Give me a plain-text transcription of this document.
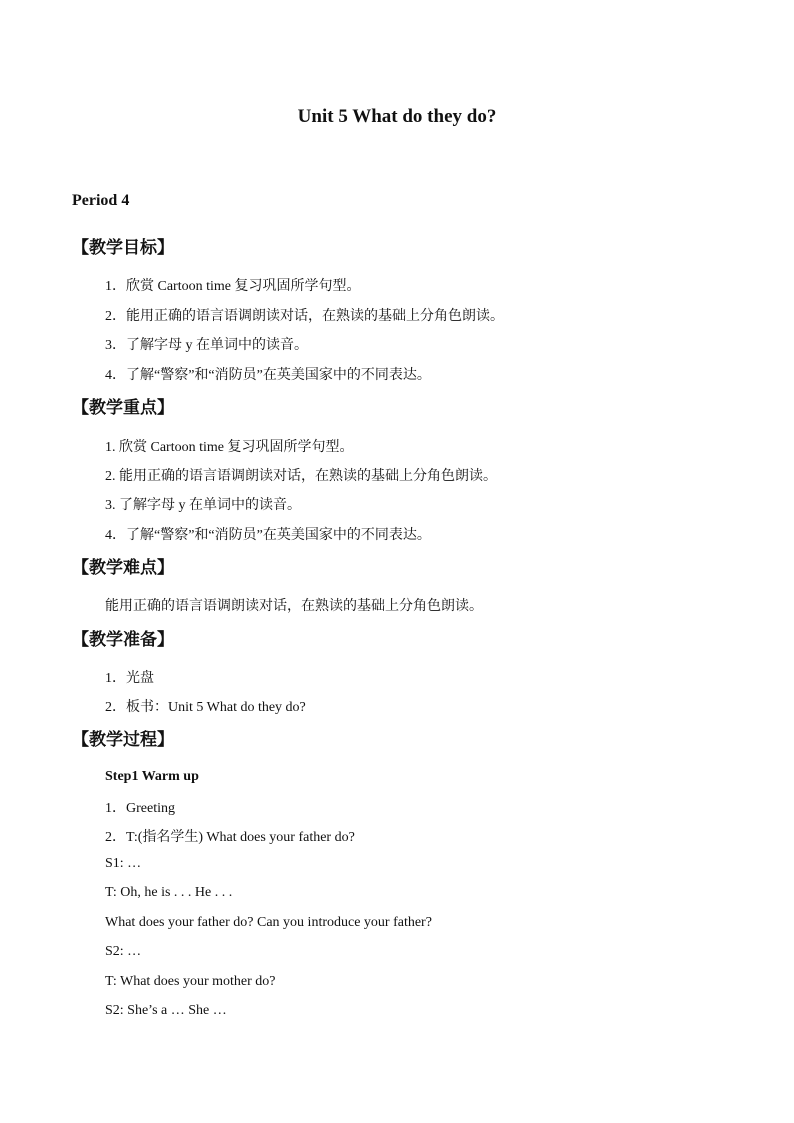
Unit 5 What do they do?
Period 4
【教学目标】
1．欣赏 Cartoon time 复习巩固所学句型。
2．能用正确的语言语调朗读对话，在熟读的基础上分角色朗读。
3．了解字母 y 在单词中的读音。
4．了解“警察”和“消防员”在英美国家中的不同表达。
【教学重点】
1. 欣赏 Cartoon time 复习巩固所学句型。
2. 能用正确的语言语调朗读对话，在熟读的基础上分角色朗读。
3. 了解字母 y 在单词中的读音。
4．了解“警察”和“消防员”在英美国家中的不同表达。
【教学难点】
能用正确的语言语调朗读对话，在熟读的基础上分角色朗读。
【教学准备】
1．光盘
2．板书：Unit 5 What do they do?
【教学过程】
Step1 Warm up
1．Greeting
2．T:(指名学生) What does your father do?
S1: …
T: Oh, he is . . . He . . .
What does your father do? Can you introduce your father?
S2: …
T: What does your mother do?
S2: She’s a … She …
